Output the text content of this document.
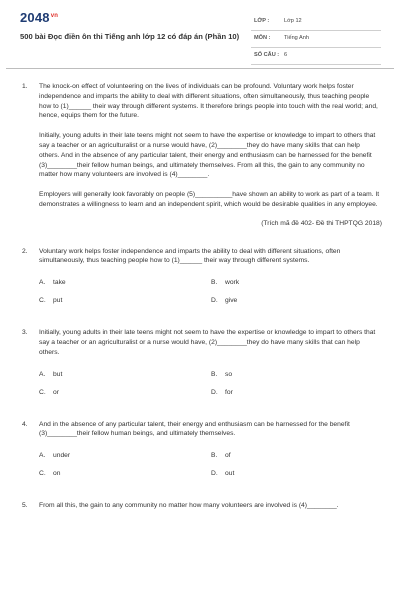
$2048^{vn}$
500 bài Đọc điền ôn thi Tiếng anh lớp 12 có đáp án (Phần 10)
LỚP :	Lớp 12
MÔN : Tiếng Anh
SỐ CÂU : 6
1. The knock-on effect of volunteering on the lives of individuals can be profound. Voluntary work helps foster independence and imparts the ability to deal with different situations, often simultaneously, thus teaching people how to (1)______ their way through different systems. It therefore brings people into touch with the real world; and, hence, equips them for the future.

Initially, young adults in their late teens might not seem to have the expertise or knowledge to impart to others that say a teacher or an agriculturalist or a nurse would have, (2)________they do have many skills that can help others. And in the absence of any particular talent, their energy and enthusiasm can be harnessed for the benefit (3)________their fellow human beings, and ultimately themselves. From all this, the gain to any community no matter how many volunteers are involved is (4)________.

Employers will generally look favorably on people (5)__________have shown an ability to work as part of a team. It demonstrates a willingness to learn and an independent spirit, which would be desirable qualities in any employee.

(Trích mã đề 402- Đề thi THPTQG 2018)
2. Voluntary work helps foster independence and imparts the ability to deal with different situations, often simultaneously, thus teaching people how to (1)______ their way through different systems.
A. take	B. work
C. put	D. give
3. Initially, young adults in their late teens might not seem to have the expertise or knowledge to impart to others that say a teacher or an agriculturalist or a nurse would have, (2)________they do have many skills that can help others.
A. but	B. so
C. or	D. for
4. And in the absence of any particular talent, their energy and enthusiasm can be harnessed for the benefit (3)________their fellow human beings, and ultimately themselves.
A. under	B. of
C. on	D. out
5. From all this, the gain to any community no matter how many volunteers are involved is (4)________.
